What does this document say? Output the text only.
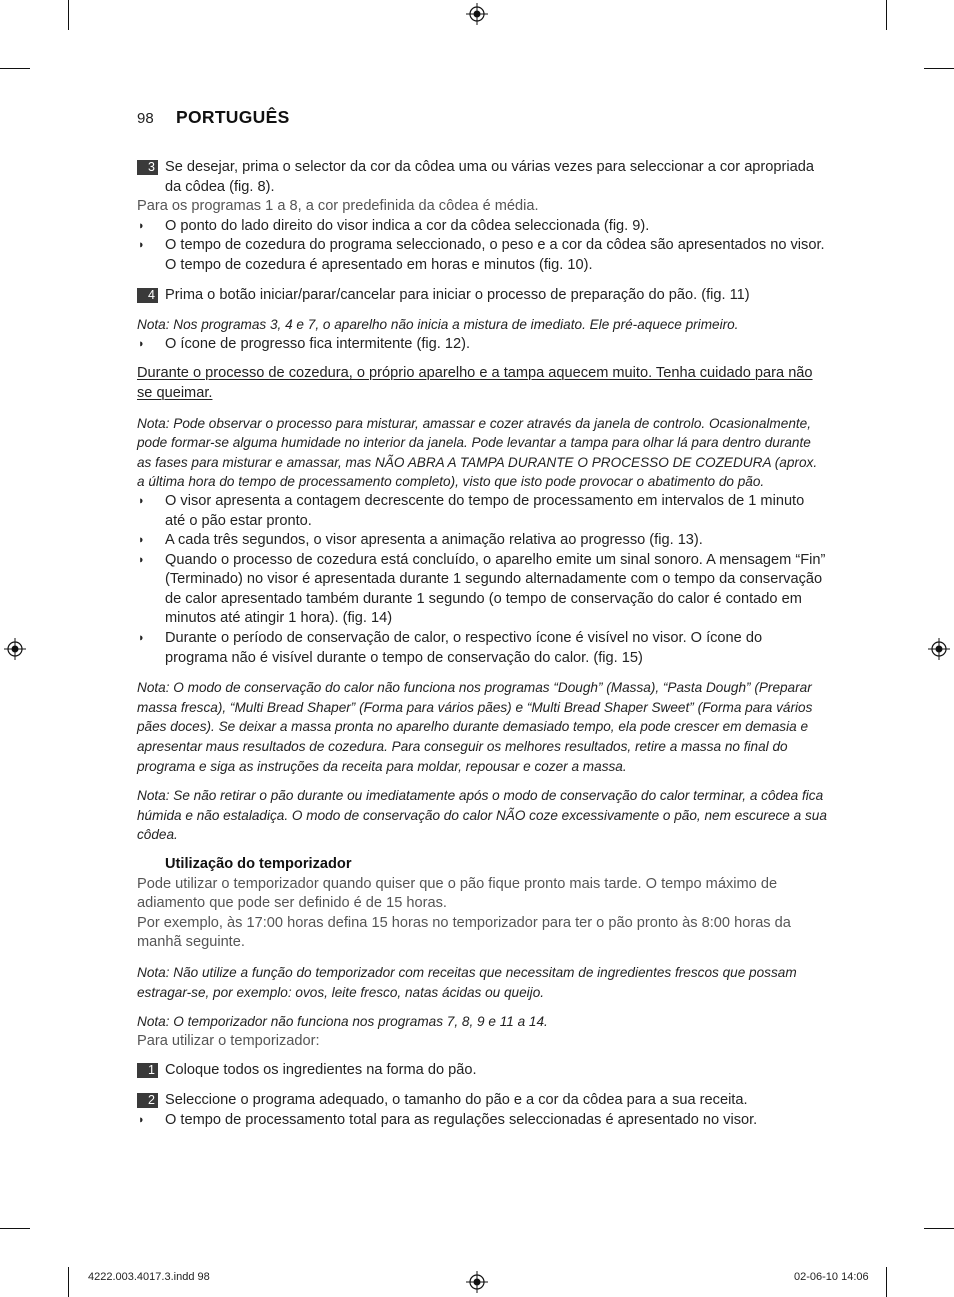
98 PORTUGUÊS
3 Se desejar, prima o selector da cor da côdea uma ou várias vezes para seleccionar a cor apropriada da côdea (fig. 8).
Para os programas 1 a 8, a cor predefinida da côdea é média.
◗ O ponto do lado direito do visor indica a cor da côdea seleccionada (fig. 9).
◗ O tempo de cozedura do programa seleccionado, o peso e a cor da côdea são apresentados no visor. O tempo de cozedura é apresentado em horas e minutos (fig. 10).
4 Prima o botão iniciar/parar/cancelar para iniciar o processo de preparação do pão. (fig. 11)
Nota: Nos programas 3, 4 e 7, o aparelho não inicia a mistura de imediato. Ele pré-aquece primeiro.
◗ O ícone de progresso fica intermitente (fig. 12).
Durante o processo de cozedura, o próprio aparelho e a tampa aquecem muito. Tenha cuidado para não se queimar.
Nota: Pode observar o processo para misturar, amassar e cozer através da janela de controlo. Ocasionalmente, pode formar-se alguma humidade no interior da janela. Pode levantar a tampa para olhar lá para dentro durante as fases para misturar e amassar, mas NÃO ABRA A TAMPA DURANTE O PROCESSO DE COZEDURA (aprox. a última hora do tempo de processamento completo), visto que isto pode provocar o abatimento do pão.
◗ O visor apresenta a contagem decrescente do tempo de processamento em intervalos de 1 minuto até o pão estar pronto.
◗ A cada três segundos, o visor apresenta a animação relativa ao progresso (fig. 13).
◗ Quando o processo de cozedura está concluído, o aparelho emite um sinal sonoro. A mensagem “Fin” (Terminado) no visor é apresentada durante 1 segundo alternadamente com o tempo da conservação de calor apresentado também durante 1 segundo (o tempo de conservação do calor é contado em minutos até atingir 1 hora). (fig. 14)
◗ Durante o período de conservação de calor, o respectivo ícone é visível no visor. O ícone do programa não é visível durante o tempo de conservação do calor. (fig. 15)
Nota: O modo de conservação do calor não funciona nos programas “Dough” (Massa), “Pasta Dough” (Preparar massa fresca), “Multi Bread Shaper” (Forma para vários pães) e “Multi Bread Shaper Sweet” (Forma para vários pães doces). Se deixar a massa pronta no aparelho durante demasiado tempo, ela pode crescer em demasia e apresentar maus resultados de cozedura. Para conseguir os melhores resultados, retire a massa no final do programa e siga as instruções da receita para moldar, repousar e cozer a massa.
Nota: Se não retirar o pão durante ou imediatamente após o modo de conservação do calor terminar, a côdea fica húmida e não estaladiça. O modo de conservação do calor NÃO coze excessivamente o pão, nem escurece a sua côdea.
Utilização do temporizador
Pode utilizar o temporizador quando quiser que o pão fique pronto mais tarde. O tempo máximo de adiamento que pode ser definido é de 15 horas.
Por exemplo, às 17:00 horas defina 15 horas no temporizador para ter o pão pronto às 8:00 horas da manhã seguinte.
Nota: Não utilize a função do temporizador com receitas que necessitam de ingredientes frescos que possam estragar-se, por exemplo: ovos, leite fresco, natas ácidas ou queijo.
Nota: O temporizador não funciona nos programas 7, 8, 9 e 11 a 14.
Para utilizar o temporizador:
1 Coloque todos os ingredientes na forma do pão.
2 Seleccione o programa adequado, o tamanho do pão e a cor da côdea para a sua receita.
◗ O tempo de processamento total para as regulações seleccionadas é apresentado no visor.
4222.003.4017.3.indd 98	02-06-10 14:06
